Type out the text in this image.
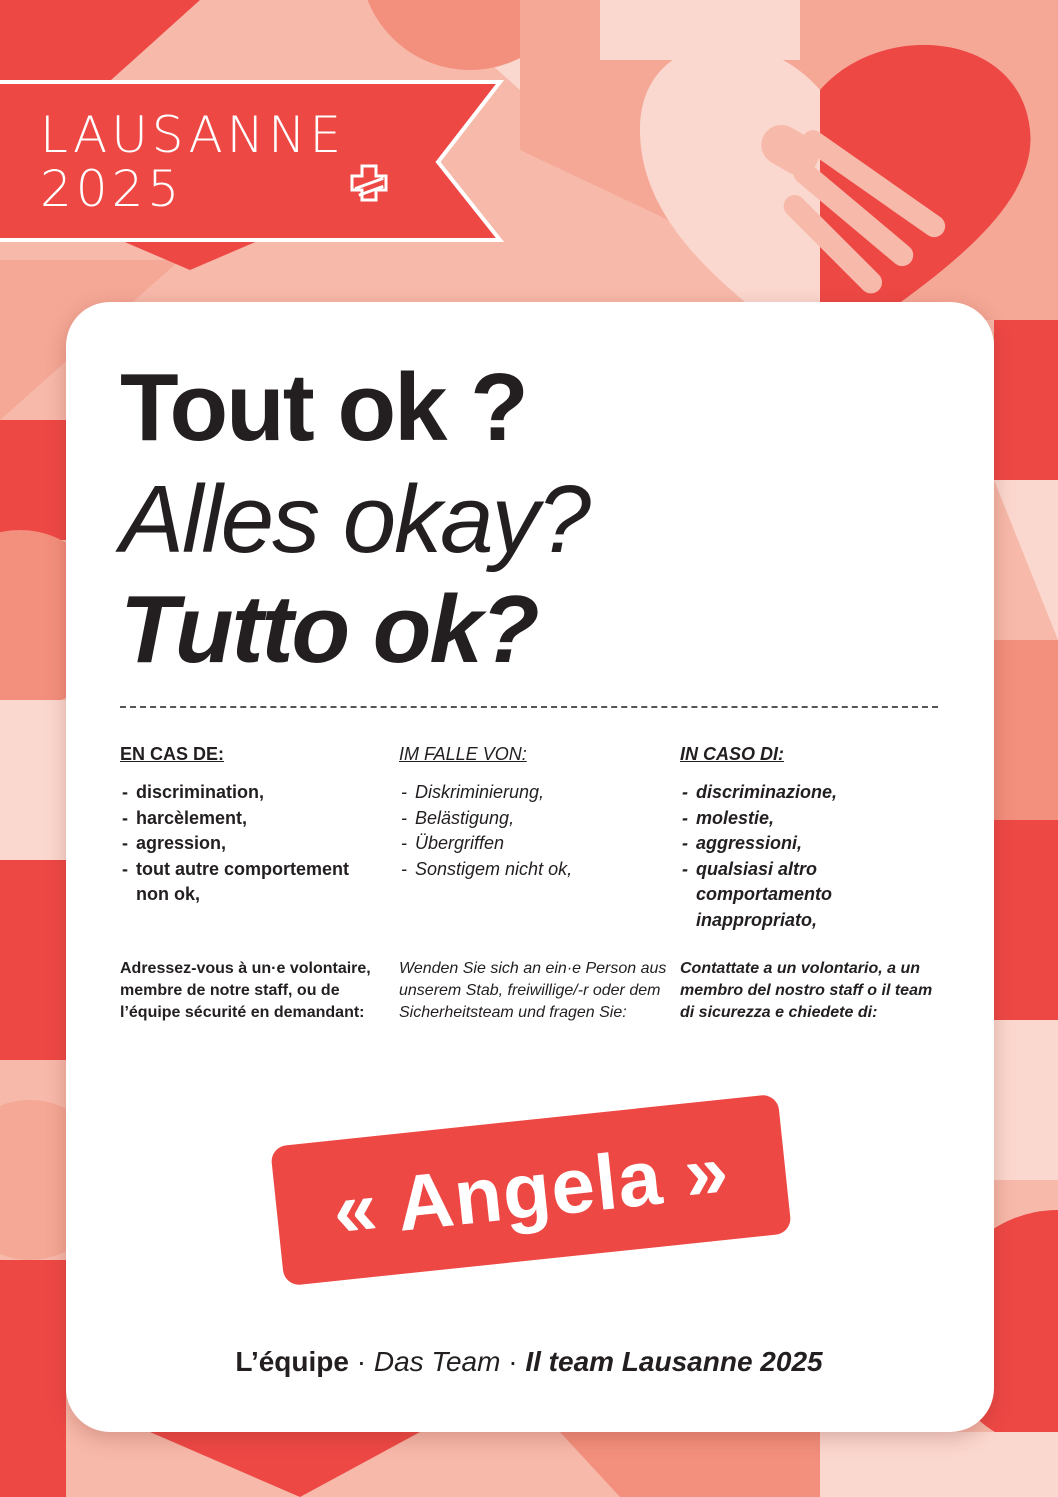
LAUSANNE
2025
Tout ok ?
Alles okay?
Tutto ok?
EN CAS DE:
- discrimination,
- harcèlement,
- agression,
- tout autre comportement non ok,
Adressez-vous à un·e volontaire, membre de notre staff, ou de l’équipe sécurité en demandant:
IM FALLE VON:
- Diskriminierung,
- Belästigung,
- Übergriffen
- Sonstigem nicht ok,
Wenden Sie sich an ein·e Person aus unserem Stab, freiwillige/-r oder dem Sicherheitsteam und fragen Sie:
IN CASO DI:
- discriminazione,
- molestie,
- aggressioni,
- qualsiasi altro comportamento inappropriato,
Contattate a un volontario, a un membro del nostro staff o il team di sicurezza e chiedete di:
« Angela »
L’équipe · Das Team · Il team Lausanne 2025
